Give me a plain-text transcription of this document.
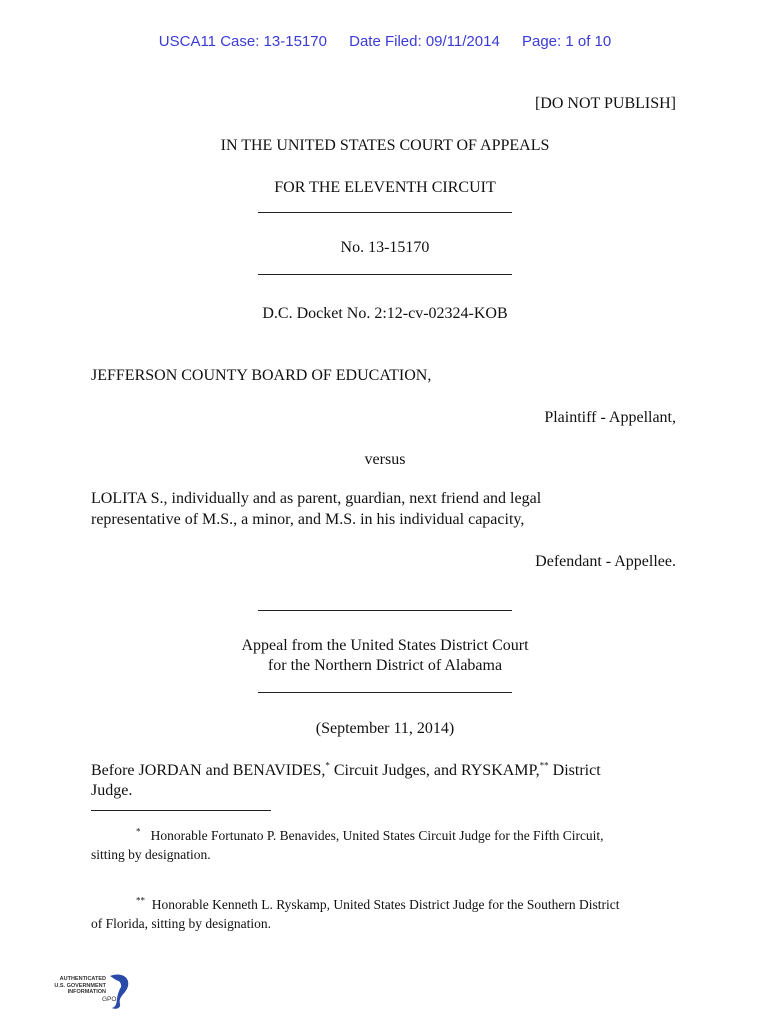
USCA11 Case: 13-15170 Date Filed: 09/11/2014 Page: 1 of 10
[DO NOT PUBLISH]
IN THE UNITED STATES COURT OF APPEALS
FOR THE ELEVENTH CIRCUIT
No. 13-15170
D.C. Docket No. 2:12-cv-02324-KOB
JEFFERSON COUNTY BOARD OF EDUCATION,
Plaintiff - Appellant,
versus
LOLITA S., individually and as parent, guardian, next friend and legal
representative of M.S., a minor, and M.S. in his individual capacity,
Defendant - Appellee.
Appeal from the United States District Court
for the Northern District of Alabama
(September 11, 2014)
Before JORDAN and BENAVIDES,* Circuit Judges, and RYSKAMP,** District
Judge.
* Honorable Fortunato P. Benavides, United States Circuit Judge for the Fifth Circuit,
sitting by designation.
** Honorable Kenneth L. Ryskamp, United States District Judge for the Southern District
of Florida, sitting by designation.
AUTHENTICATED
U.S. GOVERNMENT
INFORMATION
GPO
